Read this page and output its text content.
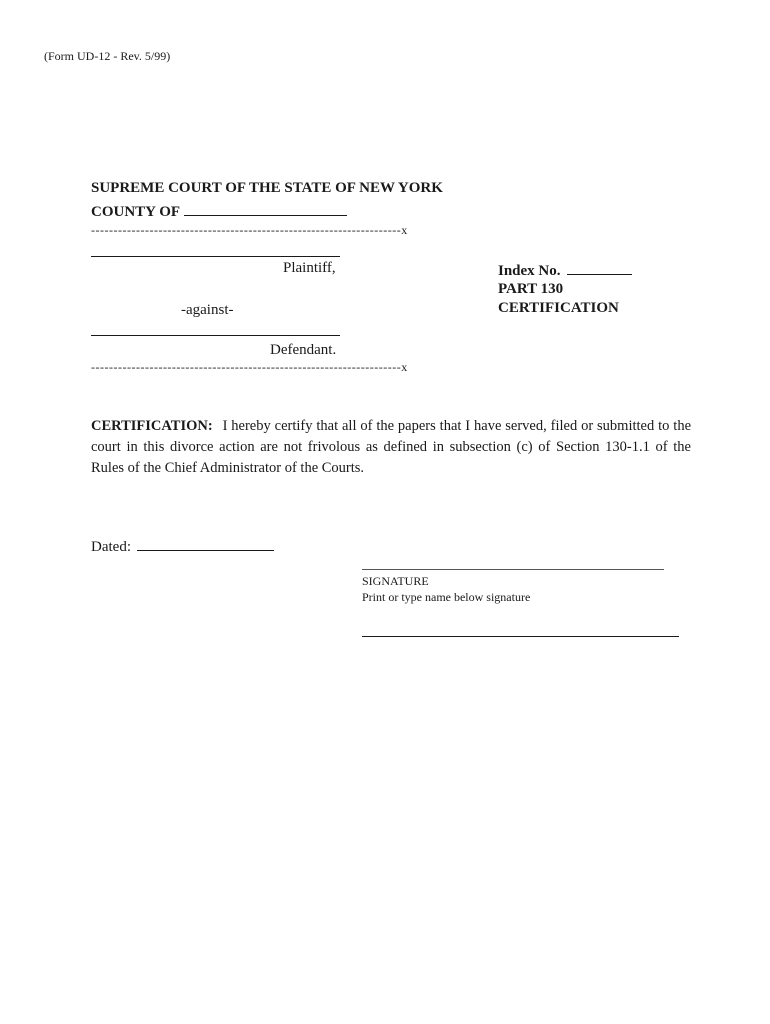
(Form UD-12 - Rev. 5/99)
SUPREME COURT OF THE STATE OF NEW YORK
COUNTY OF
---------------------------------------------------------------------x
Plaintiff,
-against-
Defendant.
---------------------------------------------------------------------x
Index No.
PART 130
CERTIFICATION
CERTIFICATION: I hereby certify that all of the papers that I have served, filed or submitted to the court in this divorce action are not frivolous as defined in subsection (c) of Section 130-1.1 of the Rules of the Chief Administrator of the Courts.
Dated:
SIGNATURE
Print or type name below signature
